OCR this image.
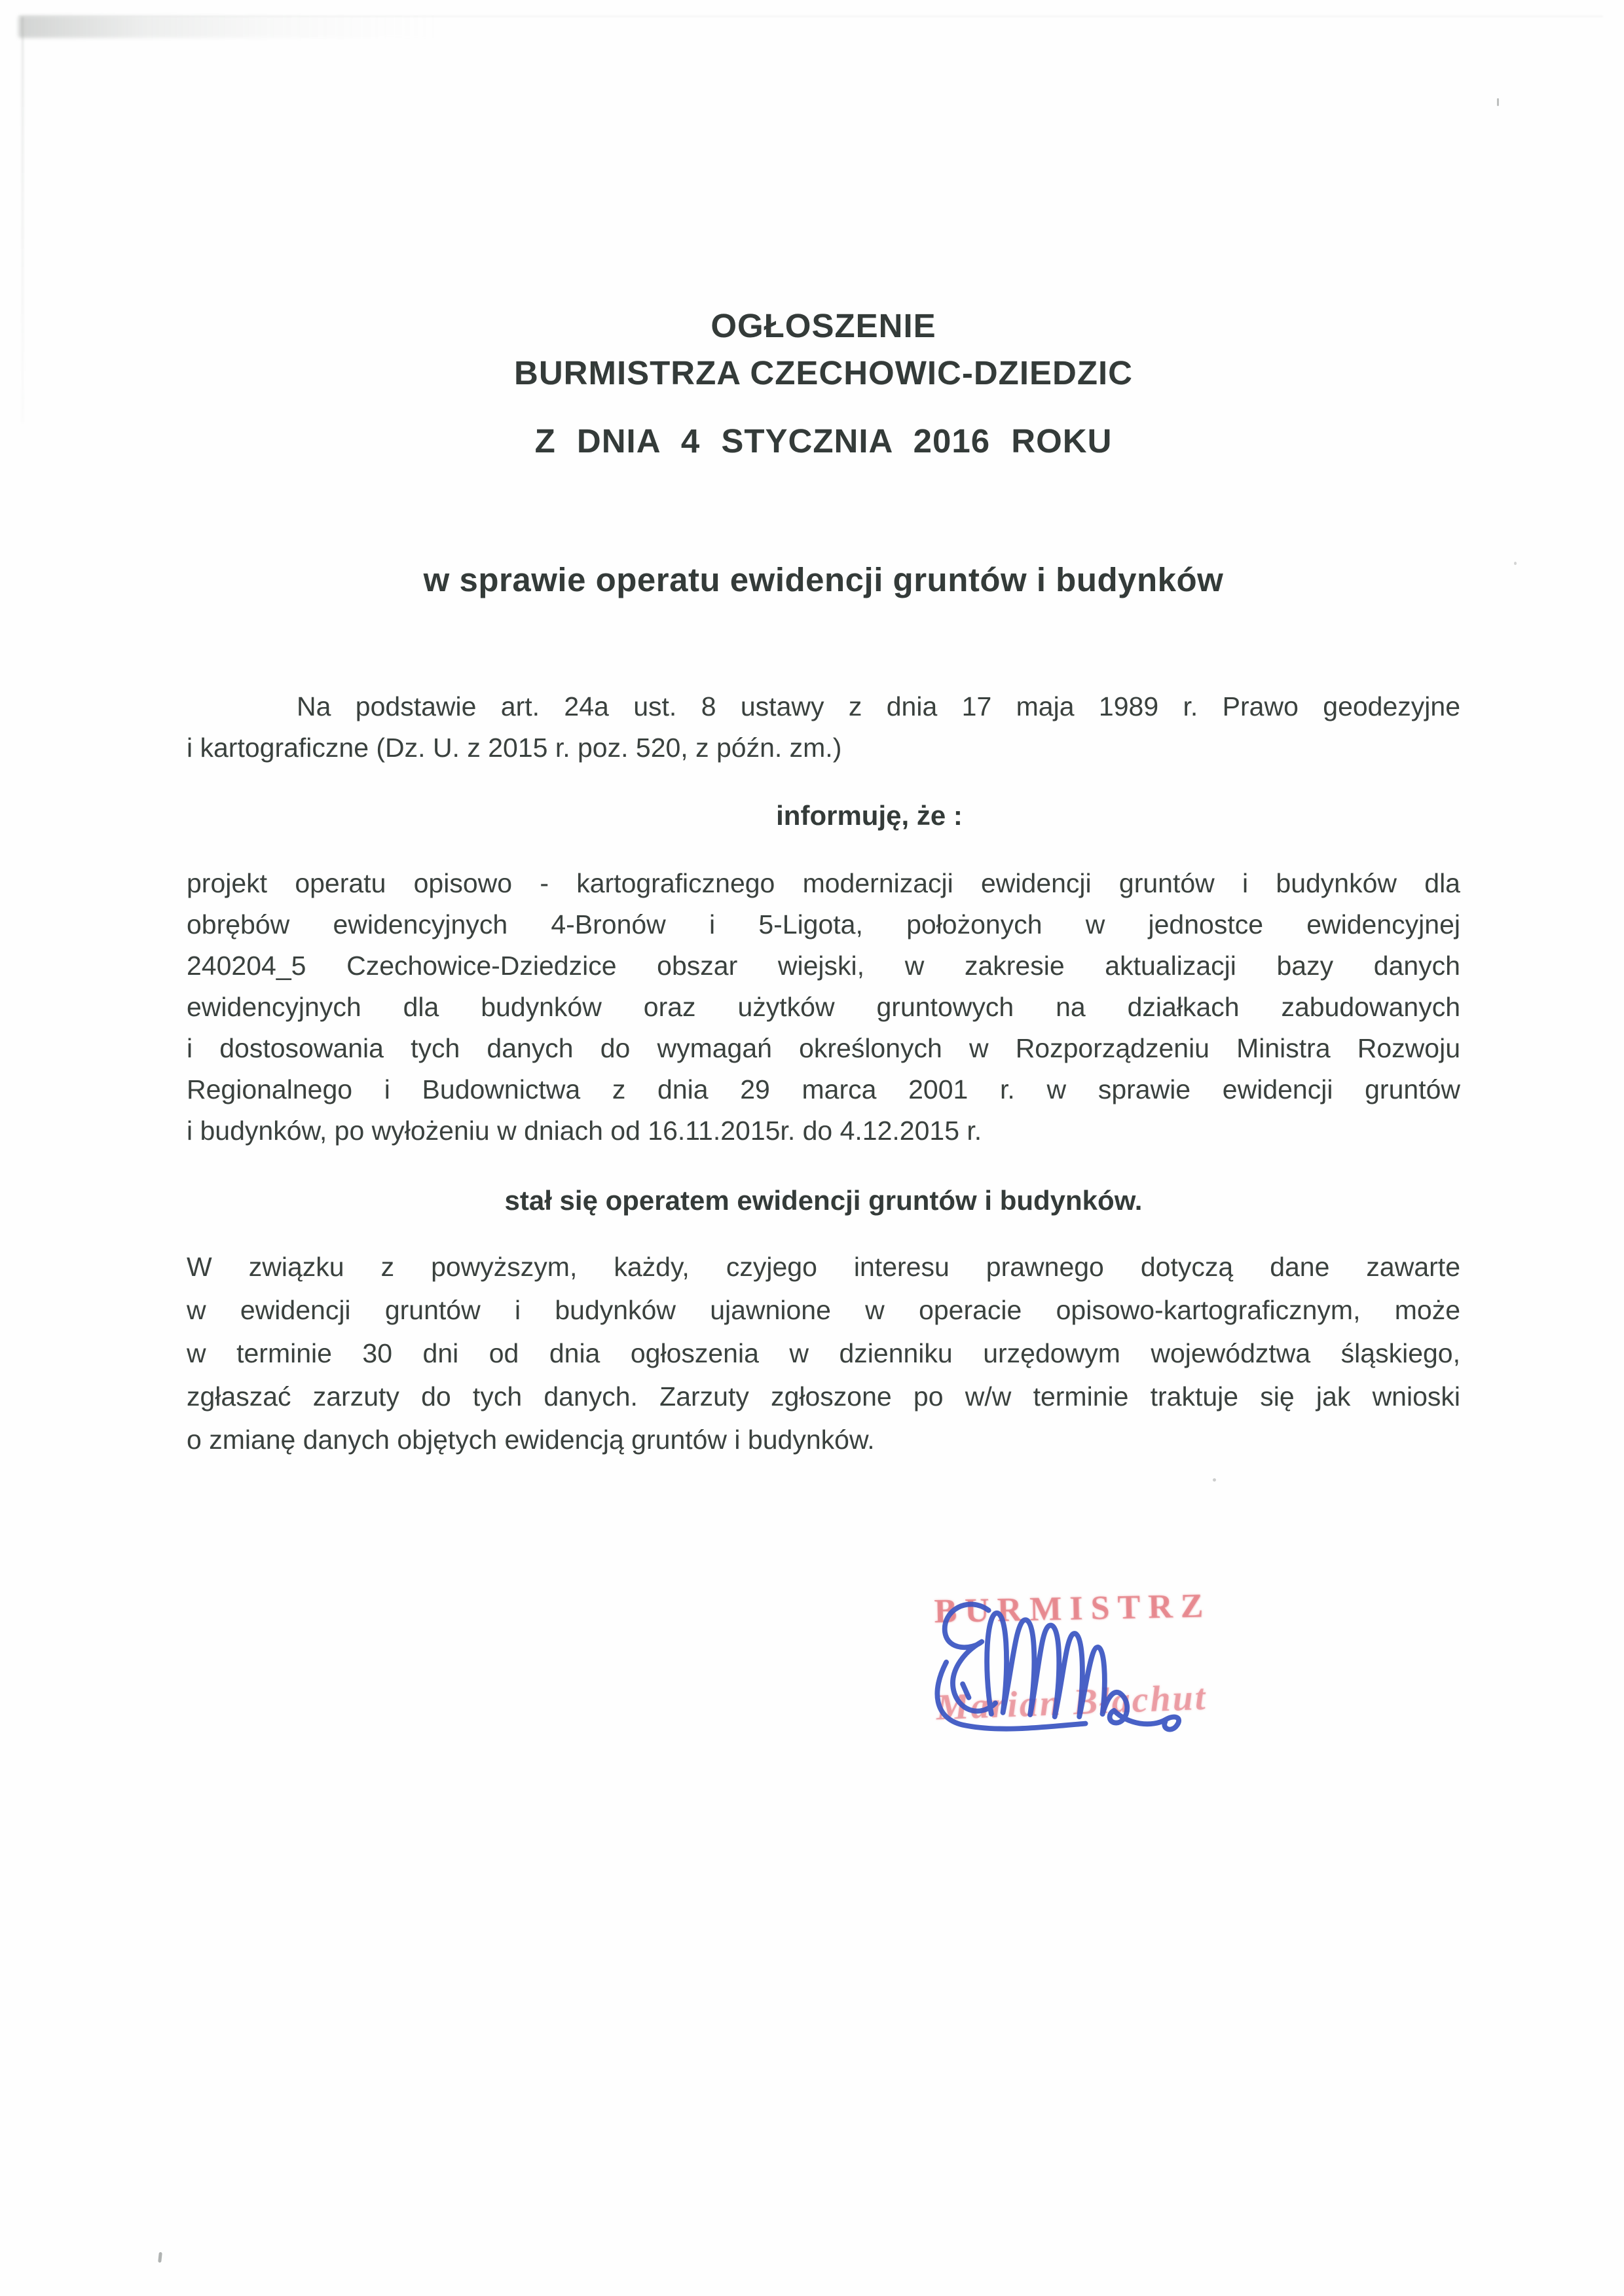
OGŁOSZENIE
BURMISTRZA CZECHOWIC-DZIEDZIC
Z DNIA 4 STYCZNIA 2016 ROKU
w sprawie operatu ewidencji gruntów i budynków
Na podstawie art. 24a ust. 8 ustawy z dnia 17 maja 1989 r. Prawo geodezyjne
i kartograficzne (Dz. U. z 2015 r. poz. 520, z późn. zm.)
informuję, że :
projekt operatu opisowo - kartograficznego modernizacji ewidencji gruntów i budynków dla
obrębów ewidencyjnych 4-Bronów i 5-Ligota, położonych w jednostce ewidencyjnej
240204_5 Czechowice-Dziedzice obszar wiejski, w zakresie aktualizacji bazy danych
ewidencyjnych dla budynków oraz użytków gruntowych na działkach zabudowanych
i dostosowania tych danych do wymagań określonych w Rozporządzeniu Ministra Rozwoju
Regionalnego i Budownictwa z dnia 29 marca 2001 r. w sprawie ewidencji gruntów
i budynków, po wyłożeniu w dniach od 16.11.2015r. do 4.12.2015 r.
stał się operatem ewidencji gruntów i budynków.
W związku z powyższym, każdy, czyjego interesu prawnego dotyczą dane zawarte
w ewidencji gruntów i budynków ujawnione w operacie opisowo-kartograficznym, może
w terminie 30 dni od dnia ogłoszenia w dzienniku urzędowym województwa śląskiego,
zgłaszać zarzuty do tych danych. Zarzuty zgłoszone po w/w terminie traktuje się jak wnioski
o zmianę danych objętych ewidencją gruntów i budynków.
BURMISTRZ
Marian Błachut
